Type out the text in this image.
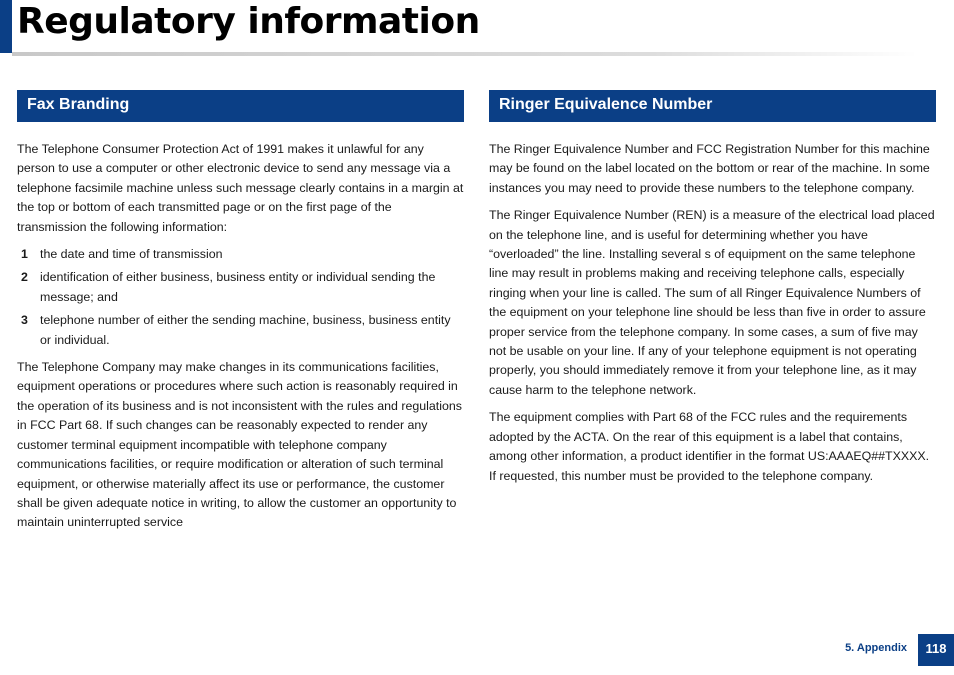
Regulatory information
Fax Branding

The Telephone Consumer Protection Act of 1991 makes it unlawful for any person to use a computer or other electronic device to send any message via a telephone facsimile machine unless such message clearly contains in a margin at the top or bottom of each transmitted page or on the first page of the transmission the following information:

1 the date and time of transmission
2 identification of either business, business entity or individual sending the message; and
3 telephone number of either the sending machine, business, business entity or individual.

The Telephone Company may make changes in its communications facilities, equipment operations or procedures where such action is reasonably required in the operation of its business and is not inconsistent with the rules and regulations in FCC Part 68. If such changes can be reasonably expected to render any customer terminal equipment incompatible with telephone company communications facilities, or require modification or alteration of such terminal equipment, or otherwise materially affect its use or performance, the customer shall be given adequate notice in writing, to allow the customer an opportunity to maintain uninterrupted service

Ringer Equivalence Number

The Ringer Equivalence Number and FCC Registration Number for this machine may be found on the label located on the bottom or rear of the machine. In some instances you may need to provide these numbers to the telephone company.

The Ringer Equivalence Number (REN) is a measure of the electrical load placed on the telephone line, and is useful for determining whether you have “overloaded” the line. Installing several s of equipment on the same telephone line may result in problems making and receiving telephone calls, especially ringing when your line is called. The sum of all Ringer Equivalence Numbers of the equipment on your telephone line should be less than five in order to assure proper service from the telephone company. In some cases, a sum of five may not be usable on your line. If any of your telephone equipment is not operating properly, you should immediately remove it from your telephone line, as it may cause harm to the telephone network.

The equipment complies with Part 68 of the FCC rules and the requirements adopted by the ACTA. On the rear of this equipment is a label that contains, among other information, a product identifier in the format US:AAAEQ##TXXXX. If requested, this number must be provided to the telephone company.

5. Appendix	118
